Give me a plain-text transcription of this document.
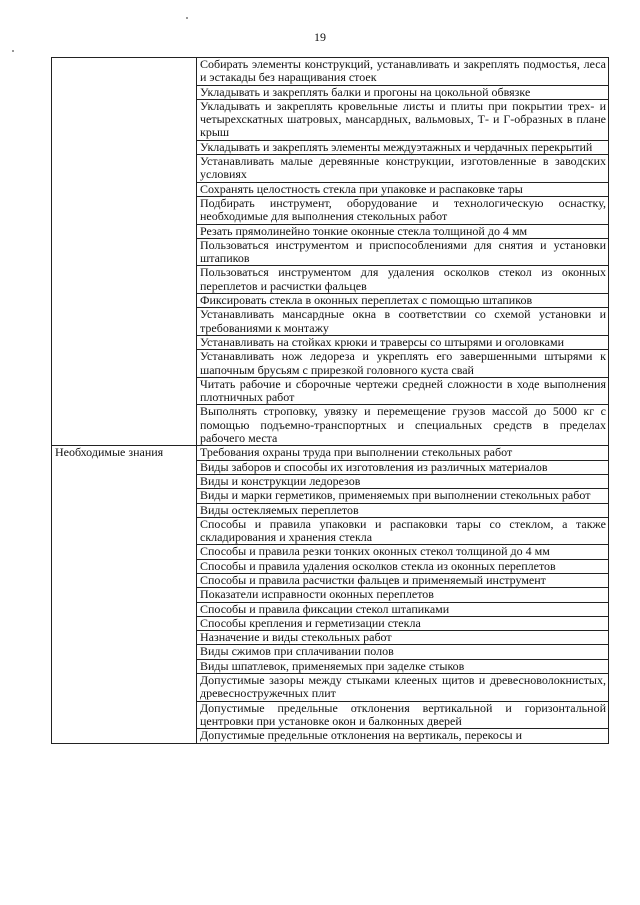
19
	Собирать элементы конструкций, устанавливать и закреплять подмостья, леса и эстакады без наращивания стоек
	Укладывать и закреплять балки и прогоны на цокольной обвязке
	Укладывать и закреплять кровельные листы и плиты при покрытии трех- и четырехскатных шатровых, мансардных, вальмовых, Т- и Г-образных в плане крыш
	Укладывать и закреплять элементы междуэтажных и чердачных перекрытий
	Устанавливать малые деревянные конструкции, изготовленные в заводских условиях
	Сохранять целостность стекла при упаковке и распаковке тары
	Подбирать инструмент, оборудование и технологическую оснастку, необходимые для выполнения стекольных работ
	Резать прямолинейно тонкие оконные стекла толщиной до 4 мм
	Пользоваться инструментом и приспособлениями для снятия и установки штапиков
	Пользоваться инструментом для удаления осколков стекол из оконных переплетов и расчистки фальцев
	Фиксировать стекла в оконных переплетах с помощью штапиков
	Устанавливать мансардные окна в соответствии со схемой установки и требованиями к монтажу
	Устанавливать на стойках крюки и траверсы со штырями и оголовками
	Устанавливать нож ледореза и укреплять его завершенными штырями к шапочным брусьям с прирезкой головного куста свай
	Читать рабочие и сборочные чертежи средней сложности в ходе выполнения плотничных работ
	Выполнять строповку, увязку и перемещение грузов массой до 5000 кг с помощью подъемно-транспортных и специальных средств в пределах рабочего места
Необходимые знания	Требования охраны труда при выполнении стекольных работ
	Виды заборов и способы их изготовления из различных материалов
	Виды и конструкции ледорезов
	Виды и марки герметиков, применяемых при выполнении стекольных работ
	Виды остекляемых переплетов
	Способы и правила упаковки и распаковки тары со стеклом, а также складирования и хранения стекла
	Способы и правила резки тонких оконных стекол толщиной до 4 мм
	Способы и правила удаления осколков стекла из оконных переплетов
	Способы и правила расчистки фальцев и применяемый инструмент
	Показатели исправности оконных переплетов
	Способы и правила фиксации стекол штапиками
	Способы крепления и герметизации стекла
	Назначение и виды стекольных работ
	Виды сжимов при сплачивании полов
	Виды шпатлевок, применяемых при заделке стыков
	Допустимые зазоры между стыками клееных щитов и древесноволокнистых, древесностружечных плит
	Допустимые предельные отклонения вертикальной и горизонтальной центровки при установке окон и балконных дверей
	Допустимые предельные отклонения на вертикаль, перекосы и
